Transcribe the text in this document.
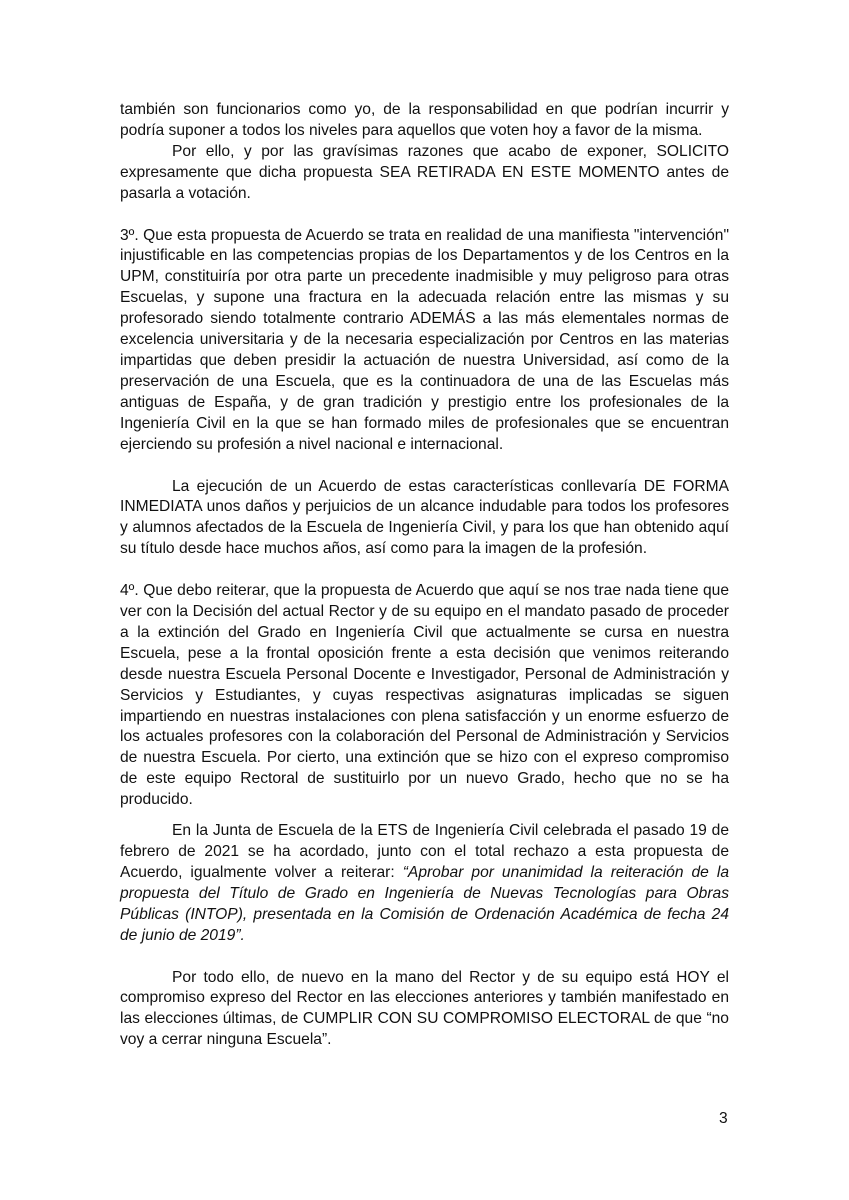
también son funcionarios como yo, de la responsabilidad en que podrían incurrir y podría suponer a todos los niveles para aquellos que voten hoy a favor de la misma.

Por ello, y por las gravísimas razones que acabo de exponer, SOLICITO expresamente que dicha propuesta SEA RETIRADA EN ESTE MOMENTO antes de pasarla a votación.

3º. Que esta propuesta de Acuerdo se trata en realidad de una manifiesta "intervención" injustificable en las competencias propias de los Departamentos y de los Centros en la UPM, constituiría por otra parte un precedente inadmisible y muy peligroso para otras Escuelas, y supone una fractura en la adecuada relación entre las mismas y su profesorado siendo totalmente contrario ADEMÁS a las más elementales normas de excelencia universitaria y de la necesaria especialización por Centros en las materias impartidas que deben presidir la actuación de nuestra Universidad, así como de la preservación de una Escuela, que es la continuadora de una de las Escuelas más antiguas de España, y de gran tradición y prestigio entre los profesionales de la Ingeniería Civil en la que se han formado miles de profesionales que se encuentran ejerciendo su profesión a nivel nacional e internacional.

La ejecución de un Acuerdo de estas características conllevaría DE FORMA INMEDIATA unos daños y perjuicios de un alcance indudable para todos los profesores y alumnos afectados de la Escuela de Ingeniería Civil, y para los que han obtenido aquí su título desde hace muchos años, así como para la imagen de la profesión.

4º. Que debo reiterar, que la propuesta de Acuerdo que aquí se nos trae nada tiene que ver con la Decisión del actual Rector y de su equipo en el mandato pasado de proceder a la extinción del Grado en Ingeniería Civil que actualmente se cursa en nuestra Escuela, pese a la frontal oposición frente a esta decisión que venimos reiterando desde nuestra Escuela Personal Docente e Investigador, Personal de Administración y Servicios y Estudiantes, y cuyas respectivas asignaturas implicadas se siguen impartiendo en nuestras instalaciones con plena satisfacción y un enorme esfuerzo de los actuales profesores con la colaboración del Personal de Administración y Servicios de nuestra Escuela. Por cierto, una extinción que se hizo con el expreso compromiso de este equipo Rectoral de sustituirlo por un nuevo Grado, hecho que no se ha producido.

En la Junta de Escuela de la ETS de Ingeniería Civil celebrada el pasado 19 de febrero de 2021 se ha acordado, junto con el total rechazo a esta propuesta de Acuerdo, igualmente volver a reiterar: “Aprobar por unanimidad la reiteración de la propuesta del Título de Grado en Ingeniería de Nuevas Tecnologías para Obras Públicas (INTOP), presentada en la Comisión de Ordenación Académica de fecha 24 de junio de 2019”.

Por todo ello, de nuevo en la mano del Rector y de su equipo está HOY el compromiso expreso del Rector en las elecciones anteriores y también manifestado en las elecciones últimas, de CUMPLIR CON SU COMPROMISO ELECTORAL de que “no voy a cerrar ninguna Escuela”.

3
